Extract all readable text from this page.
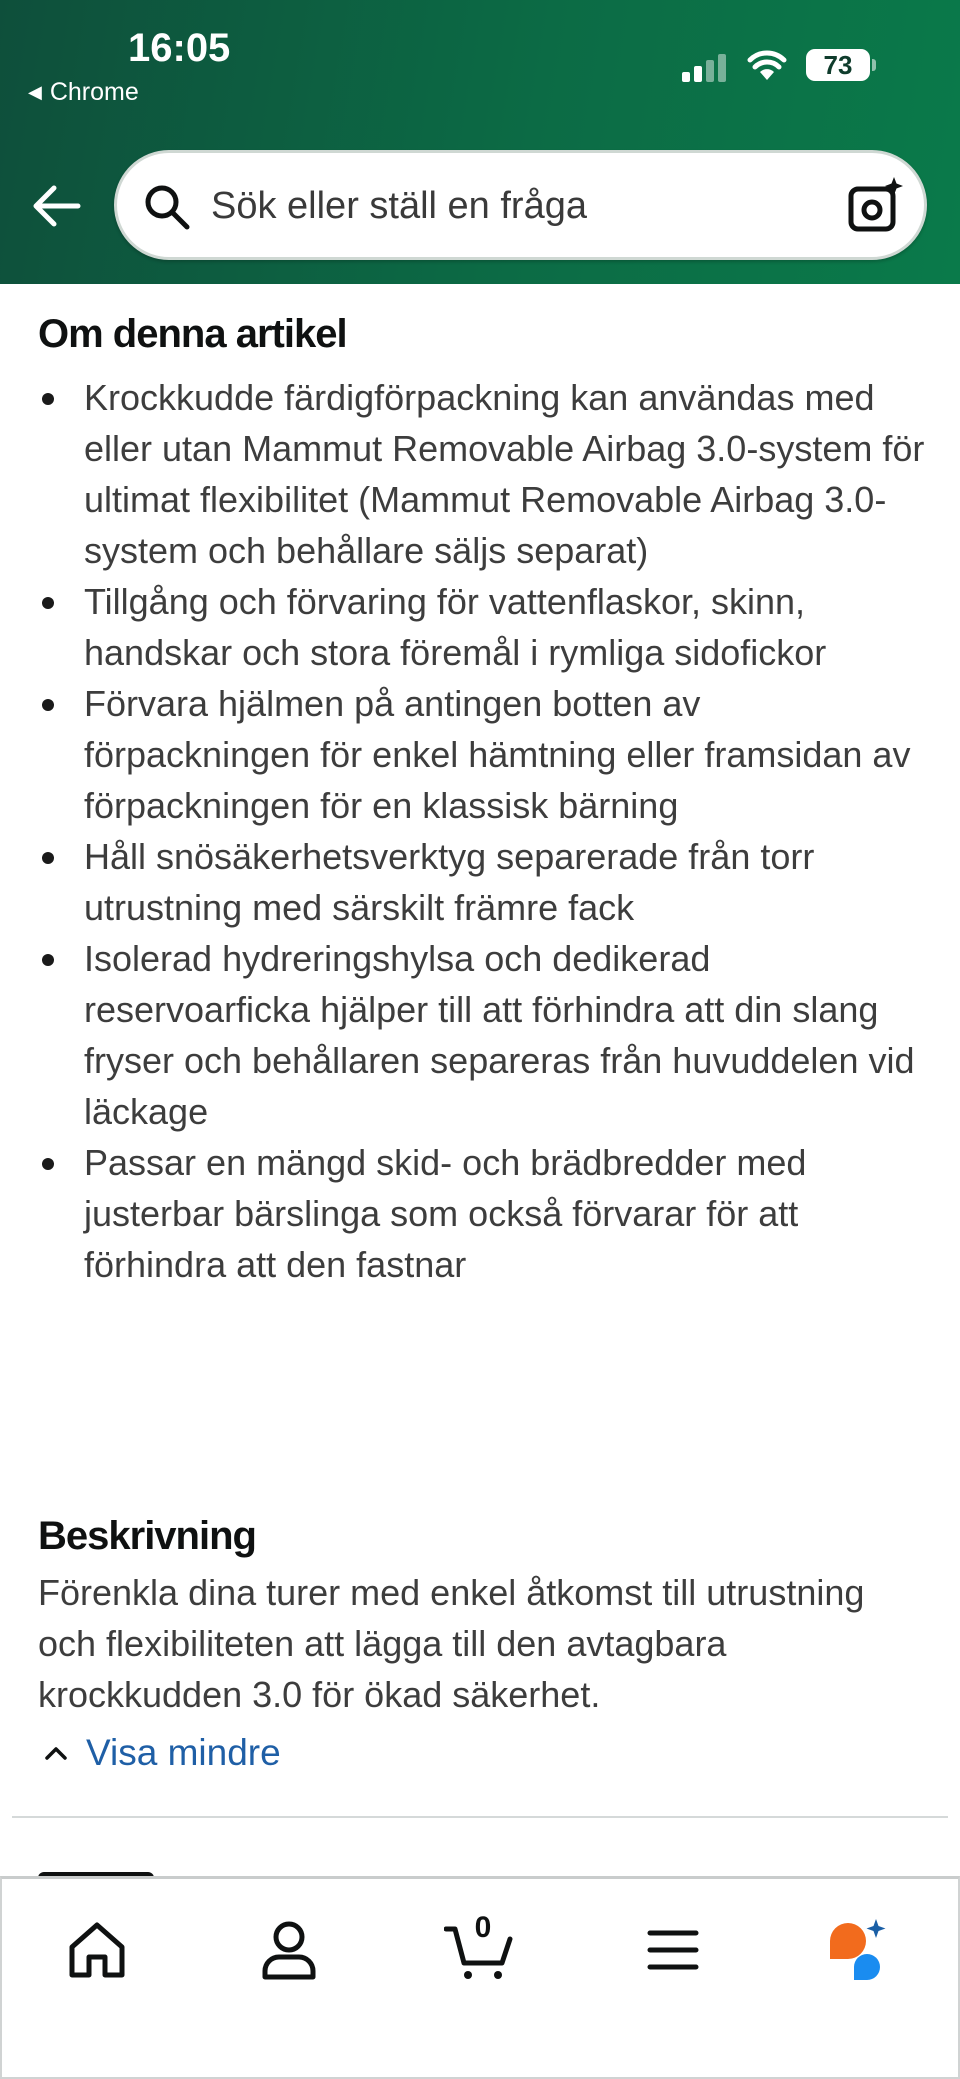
16:05
◀ Chrome
73
Sök eller ställ en fråga
Om denna artikel
Krockkudde färdigförpackning kan användas med eller utan Mammut Removable Airbag 3.0-system för ultimat flexibilitet (Mammut Removable Airbag 3.0-system och behållare säljs separat)
Tillgång och förvaring för vattenflaskor, skinn, handskar och stora föremål i rymliga sidofickor
Förvara hjälmen på antingen botten av förpackningen för enkel hämtning eller framsidan av förpackningen för en klassisk bärning
Håll snösäkerhetsverktyg separerade från torr utrustning med särskilt främre fack
Isolerad hydreringshylsa och dedikerad reservoarficka hjälper till att förhindra att din slang fryser och behållaren separeras från huvuddelen vid läckage
Passar en mängd skid- och brädbredder med justerbar bärslinga som också förvarar för att förhindra att den fastnar
Beskrivning

Förenkla dina turer med enkel åtkomst till utrustning och flexibiliteten att lägga till den avtagbara krockkudden 3.0 för ökad säkerhet.

Visa mindre
0
